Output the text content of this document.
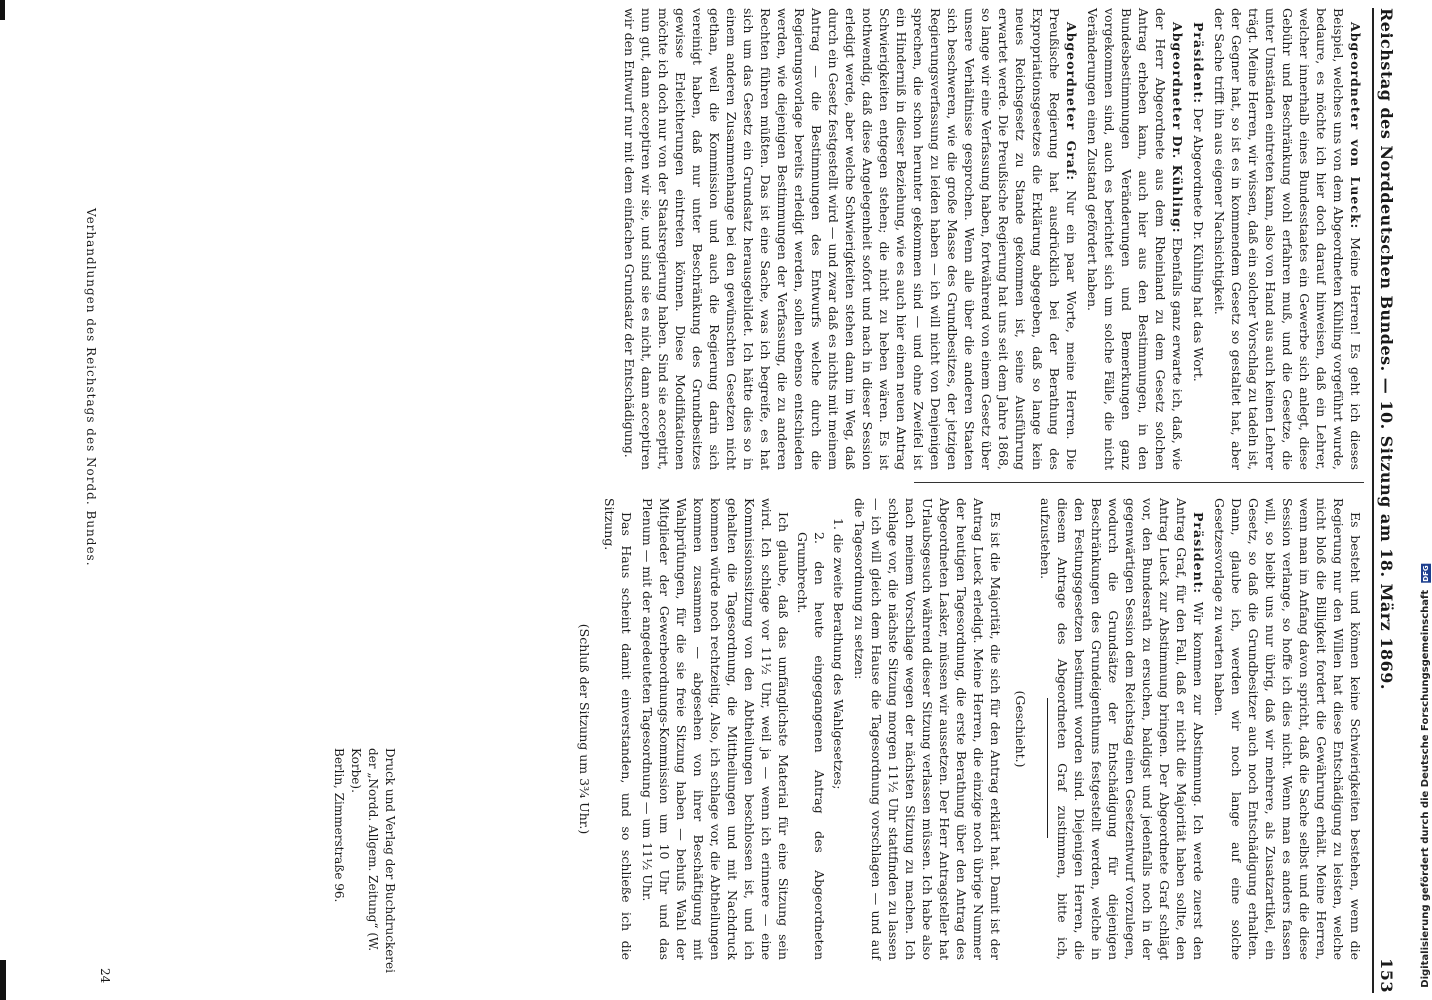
Digitalisierung gefördert durch die Deutsche Forschungsgemeinschaft DFG
Reichstag des Norddeutschen Bundes. — 10. Sitzung am 18. März 1869.
153

Abgeordneter von Lueck: Meine Herren! Es geht ich dieses Beispiel, welches uns von dem Abgeordneten Kühling vorgeführt wurde, bedaure, es möchte ich hier doch darauf hinweisen, daß ein Lehrer, welcher innerhalb eines Bundesstaates ein Gewerbe sich anlegt, diese Gebühr und Beschränkung wohl erfahren muß, und die Gesetze, die unter Umständen eintreten kann, also von Hand aus auch keinen Lehrer trägt. Meine Herren, wir wissen, daß ein solcher Vorschlag zu tadeln ist, der Gegner hat, so ist es in kommendem Gesetz so gestaltet hat, aber der Sache trifft ihn aus eigener Nachsichtigkeit.

Präsident: Der Abgeordnete Dr. Kühling hat das Wort.

Abgeordneter Dr. Kühling: Ebenfalls ganz erwarte ich, daß, wie der Herr Abgeordnete aus dem Rheinland zu dem Gesetz solchen Antrag erheben kann, auch hier aus den Bestimmungen, in den Bundesbestimmungen Veränderungen und Bemerkungen ganz vorgekommen sind, auch es berichtet sich um solche Fälle, die nicht Veränderungen einen Zustand gefördert haben.

Abgeordneter Graf: Nur ein paar Worte, meine Herren. Die Preußische Regierung hat ausdrücklich bei der Berathung des Expropriationsgesetzes die Erklärung abgegeben, daß so lange kein neues Reichsgesetz zu Stande gekommen ist, seine Ausführung erwartet werde. Die Preußische Regierung hat uns seit dem Jahre 1868, so lange wir eine Verfassung haben, fortwährend von einem Gesetz über unsere Verhältnisse gesprochen. Wenn alle über die anderen Staaten sich beschweren, wie die große Masse des Grundbesitzes, der jetzigen Regierungsverfassung zu leiden haben — ich will nicht von Denjenigen sprechen, die schon herunter gekommen sind — und ohne Zweifel ist ein Hinderniß in dieser Beziehung, wie es auch hier einen neuen Antrag Schwierigkeiten entgegen stehen; die nicht zu heben wären. Es ist nothwendig, daß diese Angelegenheit sofort und nach in dieser Session erledigt werde, aber welche Schwierigkeiten stehen dann im Weg, daß durch ein Gesetz festgestellt wird — und zwar daß es nichts mit meinem Antrag — die Bestimmungen des Entwurfs welche durch die Regierungsvorlage bereits erledigt werden, sollen ebenso entschieden werden, wie diejenigen Bestimmungen der Verfassung, die zu anderen Rechten führen müßten. Das ist eine Sache, was ich begreife, es hat sich um das Gesetz ein Grundsatz herausgebildet. Ich hätte dies so in einem anderen Zusammenhange bei den gewünschten Gesetzen nicht gethan, weil die Kommission und auch die Regierung darin sich vereinigt haben, daß nur unter Beschränkung des Grundbesitzes gewisse Erleichterungen eintreten können. Diese Modifikationen möchte ich doch nur von der Staatsregierung haben. Sind sie acceptirt, nun gut, dann acceptiren wir sie, und sind sie es nicht, dann acceptiren wir den Entwurf nur mit dem einfachen Grundsatz der Entschädigung.

Es besteht und können keine Schwierigkeiten bestehen, wenn die Regierung nur den Willen hat diese Entschädigung zu leisten, welche nicht bloß die Billigkeit fordert die Gewährung erhält. Meine Herren, wenn man im Anfang davon spricht, daß die Sache selbst und die diese Session verlange, so hoffe ich dies nicht. Wenn man es anders fassen will, so bleibt uns nur übrig, daß wir mehrere, als Zusatzartikel, ein Gesetz, so daß die Grundbesitzer auch noch Entschädigung erhalten. Dann, glaube ich, werden wir noch lange auf eine solche Gesetzesvorlage zu warten haben.

Präsident: Wir kommen zur Abstimmung. Ich werde zuerst den Antrag Graf, für den Fall, daß er nicht die Majorität haben sollte, den Antrag Lueck zur Abstimmung bringen. Der Abgeordnete Graf schlägt vor, den Bundesrath zu ersuchen, baldigst und jedenfalls noch in der gegenwärtigen Session dem Reichstag einen Gesetzentwurf vorzulegen, wodurch die Grundsätze der Entschädigung für diejenigen Beschränkungen des Grundeigenthums festgestellt werden, welche in den Festungsgesetzen bestimmt worden sind. Diejenigen Herren, die diesem Antrage des Abgeordneten Graf zustimmen, bitte ich, aufzustehen.

(Geschieht.)

Es ist die Majorität, die sich für den Antrag erklärt hat. Damit ist der Antrag Lueck erledigt. Meine Herren, die einzige noch übrige Nummer der heutigen Tagesordnung, die erste Berathung über den Antrag des Abgeordneten Lasker, müssen wir aussetzen. Der Herr Antragsteller hat Urlaubsgesuch während dieser Sitzung verlassen müssen. Ich habe also nach meinem Vorschlage wegen der nächsten Sitzung zu machen. Ich schlage vor, die nächste Sitzung morgen 11½ Uhr stattfinden zu lassen — ich will gleich dem Hause die Tagesordnung vorschlagen — und auf die Tagesordnung zu setzen:

1. die zweite Berathung des Wahlgesetzes;

2. den heute eingegangenen Antrag des Abgeordneten Grumbrecht.

Ich glaube, daß das umfänglichste Material für eine Sitzung sein wird. Ich schlage vor 11½ Uhr, weil ja — wenn ich erinnere — eine Kommissionssitzung von den Abtheilungen beschlossen ist, und ich gehalten die Tagesordnung, die Mittheilungen und mit Nachdruck kommen würde noch rechtzeitig. Also, ich schlage vor, die Abtheilungen kommen zusammen — abgesehen von ihrer Beschäftigung mit Wahlprüfungen, für die sie freie Sitzung haben — behufs Wahl der Mitglieder der Gewerbeordnungs-Kommission um 10 Uhr und das Plenum — mit der angedeuteten Tagesordnung — um 11½ Uhr.

Das Haus scheint damit einverstanden, und so schließe ich die Sitzung.

(Schluß der Sitzung um 3¾ Uhr.)

Druck und Verlag der Buchdruckerei der „Nordd. Allgem. Zeitung“ (W. Korbe).
Berlin, Zimmerstraße 96.
Verhandlungen des Reichstags des Nordd. Bundes.
24
